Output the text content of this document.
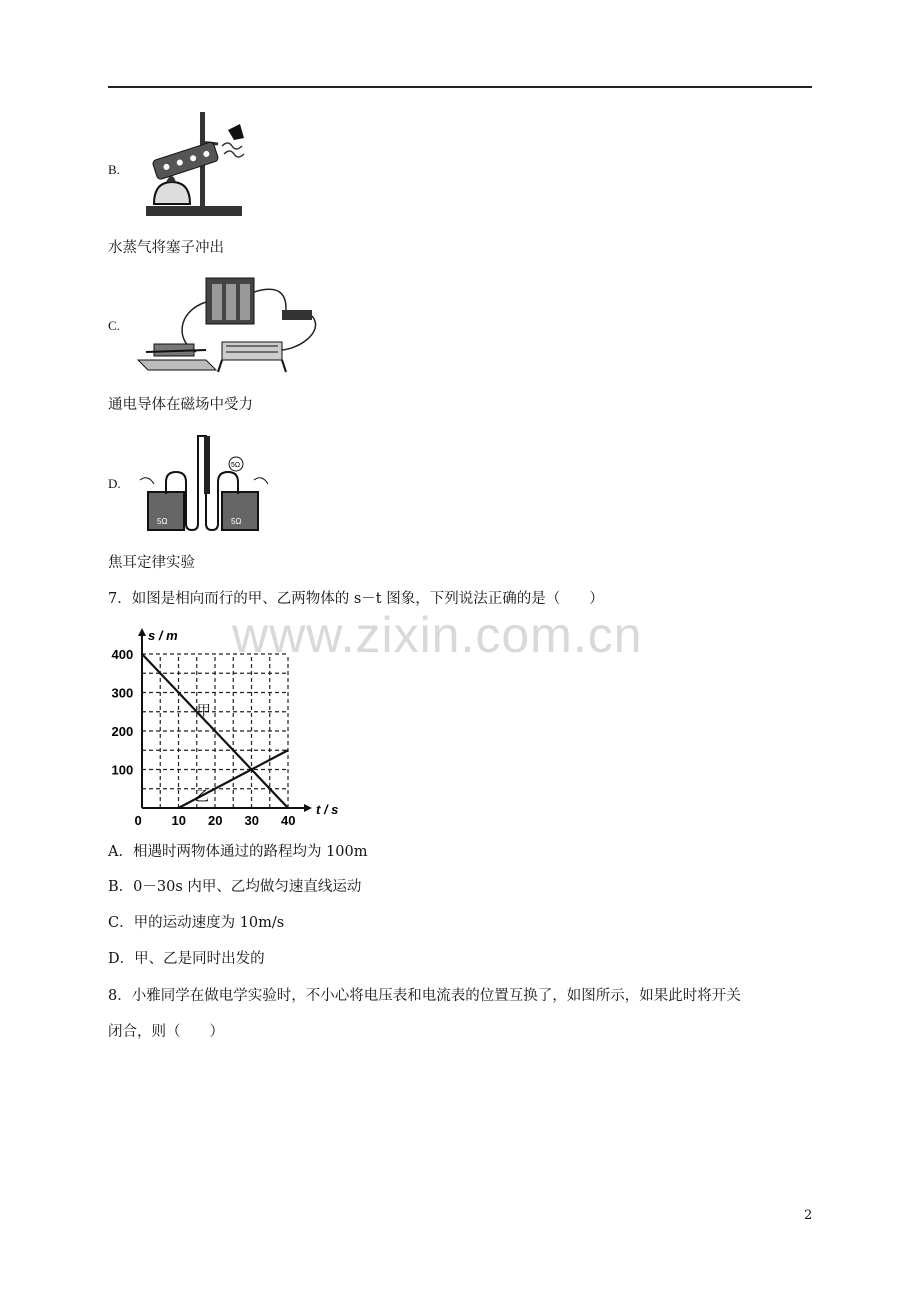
B.
水蒸气将塞子冲出
C.
通电导体在磁场中受力
D.
5Ω	5Ω
5Ω
焦耳定律实验
7．如图是相向而行的甲、乙两物体的 s－t 图象，下列说法正确的是（　　）
0 10 20 30 40
100
200
300
400
甲
乙
s / m
t / s
A．相遇时两物体通过的路程均为 100m
B．0－30s 内甲、乙均做匀速直线运动
C．甲的运动速度为 10m/s
D．甲、乙是同时出发的
8．小雅同学在做电学实验时，不小心将电压表和电流表的位置互换了，如图所示，如果此时将开关
闭合，则（　　）
www.zixin.com.cn
2
